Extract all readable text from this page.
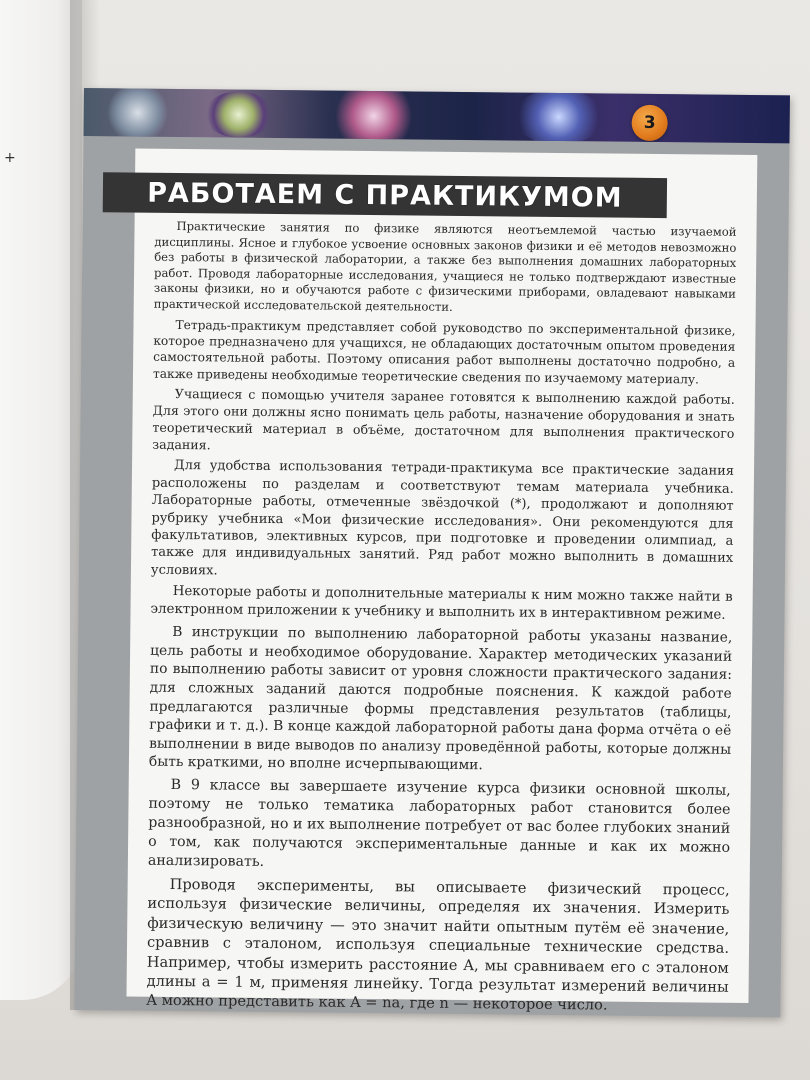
+
3
РАБОТАЕМ С ПРАКТИКУМОМ

Практические занятия по физике являются неотъемлемой частью изучаемой дисциплины. Ясное и глубокое усвоение основных законов физики и её методов невозможно без работы в физической лаборатории, а также без выполнения домашних лабораторных работ. Проводя лабораторные исследования, учащиеся не только подтверждают известные законы физики, но и обучаются работе с физическими приборами, овладевают навыками практической исследовательской деятельности.

Тетрадь-практикум представляет собой руководство по экспериментальной физике, которое предназначено для учащихся, не обладающих достаточным опытом проведения самостоятельной работы. Поэтому описания работ выполнены достаточно подробно, а также приведены необходимые теоретические сведения по изучаемому материалу.

Учащиеся с помощью учителя заранее готовятся к выполнению каждой работы. Для этого они должны ясно понимать цель работы, назначение оборудования и знать теоретический материал в объёме, достаточном для выполнения практического задания.

Для удобства использования тетради-практикума все практические задания расположены по разделам и соответствуют темам материала учебника. Лабораторные работы, отмеченные звёздочкой (*), продолжают и дополняют рубрику учебника «Мои физические исследования». Они рекомендуются для факультативов, элективных курсов, при подготовке и проведении олимпиад, а также для индивидуальных занятий. Ряд работ можно выполнить в домашних условиях.

Некоторые работы и дополнительные материалы к ним можно также найти в электронном приложении к учебнику и выполнить их в интерактивном режиме.

В инструкции по выполнению лабораторной работы указаны название, цель работы и необходимое оборудование. Характер методических указаний по выполнению работы зависит от уровня сложности практического задания: для сложных заданий даются подробные пояснения. К каждой работе предлагаются различные формы представления результатов (таблицы, графики и т. д.). В конце каждой лабораторной работы дана форма отчёта о её выполнении в виде выводов по анализу проведённой работы, которые должны быть краткими, но вполне исчерпывающими.

В 9 классе вы завершаете изучение курса физики основной школы, поэтому не только тематика лабораторных работ становится более разнообразной, но и их выполнение потребует от вас более глубоких знаний о том, как получаются экспериментальные данные и как их можно анализировать.

Проводя эксперименты, вы описываете физический процесс, используя физические величины, определяя их значения. Измерить физическую величину — это значит найти опытным путём её значение, сравнив с эталоном, используя специальные технические средства. Например, чтобы измерить расстояние A, мы сравниваем его с эталоном длины a = 1 м, применяя линейку. Тогда результат измерений величины A можно представить как A = na, где n — некоторое число.
